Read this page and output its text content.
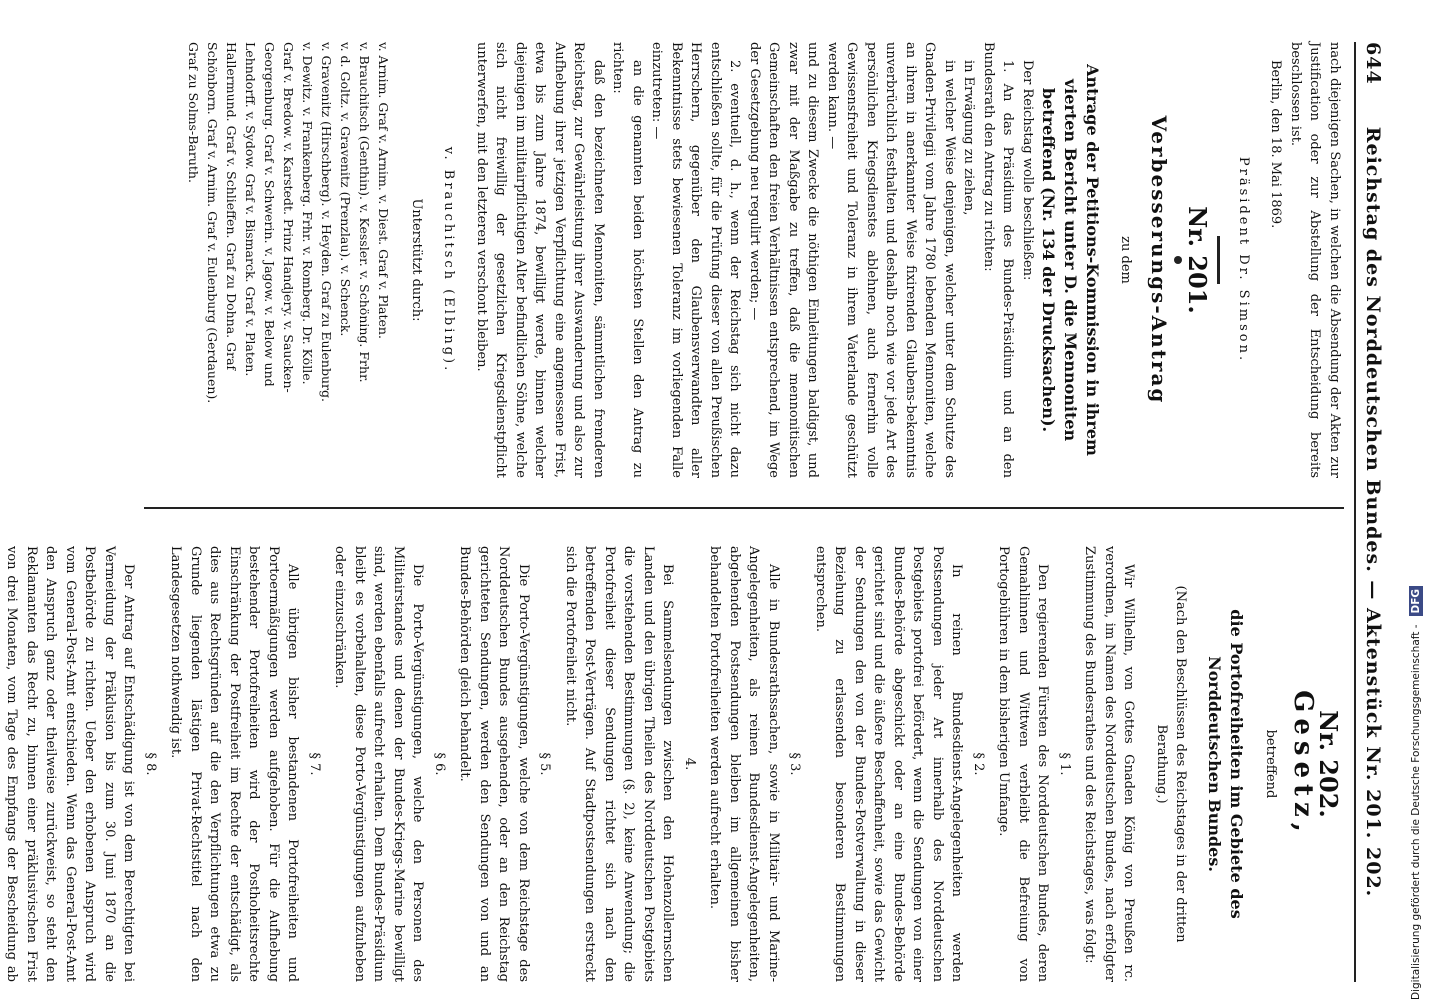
644
Reichstag des Norddeutschen Bundes. — Aktenstück Nr. 201. 202.

nach diejenigen Sachen, in welchen die Absendung der Akten zur Justification oder zur Abstellung der Entscheidung bereits beschlossen ist.

Berlin, den 18. Mai 1869.

Präsident Dr. Simson.

Nr. 201.
Verbesserungs-Antrag

zu dem

Antrage der Petitions-Kommission in ihrem vierten Bericht unter D. die Mennoniten betreffend (Nr. 134 der Drucksachen).

Der Reichstag wolle beschließen:

1. An das Präsidium des Bundes-Präsidium und an den Bundesrath den Antrag zu richten:

in Erwägung zu ziehen,

in welcher Weise denjenigen, welcher unter dem Schutze des Gnaden-Privilegii vom Jahre 1780 lebenden Mennoniten, welche an ihrem in anerkannter Weise fixirenden Glaubens-bekenntnis unverbrüchlich festhalten und deshalb noch wie vor jede Art des persönlichen Kriegsdienstes ablehnen, auch fernerhin volle Gewissensfreiheit und Toleranz in ihrem Vaterlande geschützt werden kann. —

und zu diesem Zwecke die nöthigen Einleitungen baldigst, und zwar mit der Maßgabe zu treffen, daß die mennonitischen Gemeinschaften den freien Verhältnissen entsprechend, im Wege der Gesetzgebung neu regulirt werden; —

2. eventuell, d. h., wenn der Reichstag sich nicht dazu entschließen sollte, für die Prüfung dieser von allen Preußischen Herrschern, gegenüber den Glaubensverwandten aller Bekenntnisse stets bewiesenen Toleranz im vorliegenden Falle einzutreten: —

an die genannten beiden höchsten Stellen den Antrag zu richten:

daß den bezeichneten Mennoniten, sämmtlichen fremderen Reichstag, zur Gewährleistung ihrer Auswanderung und also zur Aufhebung ihrer jetzigen Verpflichtung eine angemessene Frist, etwa bis zum Jahre 1874, bewilligt werde, binnen welcher diejenigen im militairpflichtigen Alter befindlichen Söhne, welche sich nicht freiwillig der gesetzlichen Kriegsdienstpflicht unterwerfen, mit den letzteren verschont bleiben.

v. Brauchitsch (Elbing).

Unterstützt durch:

v. Arnim. Graf v. Arnim. v. Diest. Graf v. Platen.

v. Brauchitsch (Genthin). v. Kessler. v. Schöning. Frhr.

v. d. Goltz. v. Gravenitz (Prenzlau). v. Schenck.

v. Gravenitz (Hirschberg). v. Heyden. Graf zu Eulenburg.

v. Dewitz. v. Frankenberg. Frhr. v. Romberg. Dr. Kölle.

Graf v. Bredow. v. Karstedt. Prinz Handjery. v. Saucken-

Georgenburg. Graf v. Schwerin. v. Jagow. v. Below und

Lehndorff. v. Sydow. Graf v. Bismarck. Graf v. Platen.

Hallermund. Graf v. Schlieffen. Graf zu Dohna. Graf

Schönborn. Graf v. Arnim. Graf v. Eulenburg (Gerdauen).

Graf zu Solms-Baruth.

Nr. 202.
Gesetz,

betreffend

die Portofreiheiten im Gebiete des Norddeutschen Bundes.

(Nach den Beschlüssen des Reichstages in der dritten Berathung.)

Wir Wilhelm, von Gottes Gnaden König von Preußen rc. verordnen, im Namen des Norddeutschen Bundes, nach erfolgter Zustimmung des Bundesrathes und des Reichstages, was folgt:

§ 1.

Den regierenden Fürsten des Norddeutschen Bundes, deren Gemahlinnen und Wittwen verbleibt die Befreiung von Portogebühren in dem bisherigen Umfange.

§ 2.

In reinen Bundesdienst-Angelegenheiten werden Postsendungen jeder Art innerhalb des Norddeutschen Postgebiets portofrei befördert, wenn die Sendungen von einer Bundes-Behörde abgeschickt oder an eine Bundes-Behörde gerichtet sind und die äußere Beschaffenheit, sowie das Gewicht der Sendungen den von der Bundes-Postverwaltung in dieser Beziehung zu erlassenden besonderen Bestimmungen entsprechen.

§ 3.

Alle in Bundesrathssachen, sowie in Militair- und Marine-Angelegenheiten, als reinen Bundesdienst-Angelegenheiten, abgehenden Postsendungen bleiben im allgemeinen bisher behandelten Portofreiheiten werden aufrecht erhalten.

4.

Bei Sammelsendungen zwischen den Hohenzollernschen Landen und den übrigen Theilen des Norddeutschen Postgebiets die vorstehenden Bestimmungen (§. 2), keine Anwendung; die Portofreiheit dieser Sendungen richtet sich nach den betreffenden Post-Verträgen. Auf Stadtpostsendungen erstreckt sich die Portofreiheit nicht.

§ 5.

Die Porto-Vergünstigungen, welche von dem Reichstage des Norddeutschen Bundes ausgehenden, oder an den Reichstag gerichteten Sendungen, werden den Sendungen von und an Bundes-Behörden gleich behandelt.

§ 6.

Die Porto-Vergünstigungen, welche den Personen des Militairstandes und denen der Bundes-Kriegs-Marine bewilligt sind, werden ebenfalls aufrecht erhalten. Dem Bundes-Präsidium bleibt es vorbehalten, diese Porto-Vergünstigungen aufzuheben oder einzuschränken.

§ 7.

Alle übrigen bisher bestandenen Portofreiheiten und Portoermäßigungen werden aufgehoben. Für die Aufhebung bestehender Portofreiheiten wird der Posthoheitsrechte Einschränkung der Postfreiheit im Rechte der entschädigt, als dies aus Rechtsgründen auf die den Verpflichtungen etwa zu Grunde liegenden lästigen Privat-Rechtstitel nach den Landesgesetzen nothwendig ist.

§ 8.

Der Antrag auf Entschädigung ist von dem Berechtigten bei Vermeidung der Präklusion bis zum 30. Juni 1870 an die Postbehörde zu richten. Ueber den erhobenen Anspruch wird vom General-Post-Amt entschieden. Wenn das General-Post-Amt den Anspruch ganz oder theilweise zurückweist, so steht den Reklamanten das Recht zu, binnen einer präklusivischen Frist von drei Monaten, vom Tage des Empfangs der Bescheidung ab	Digitalisierung gefördert durch die Deutsche Forschungsgemeinschaft -DFG
